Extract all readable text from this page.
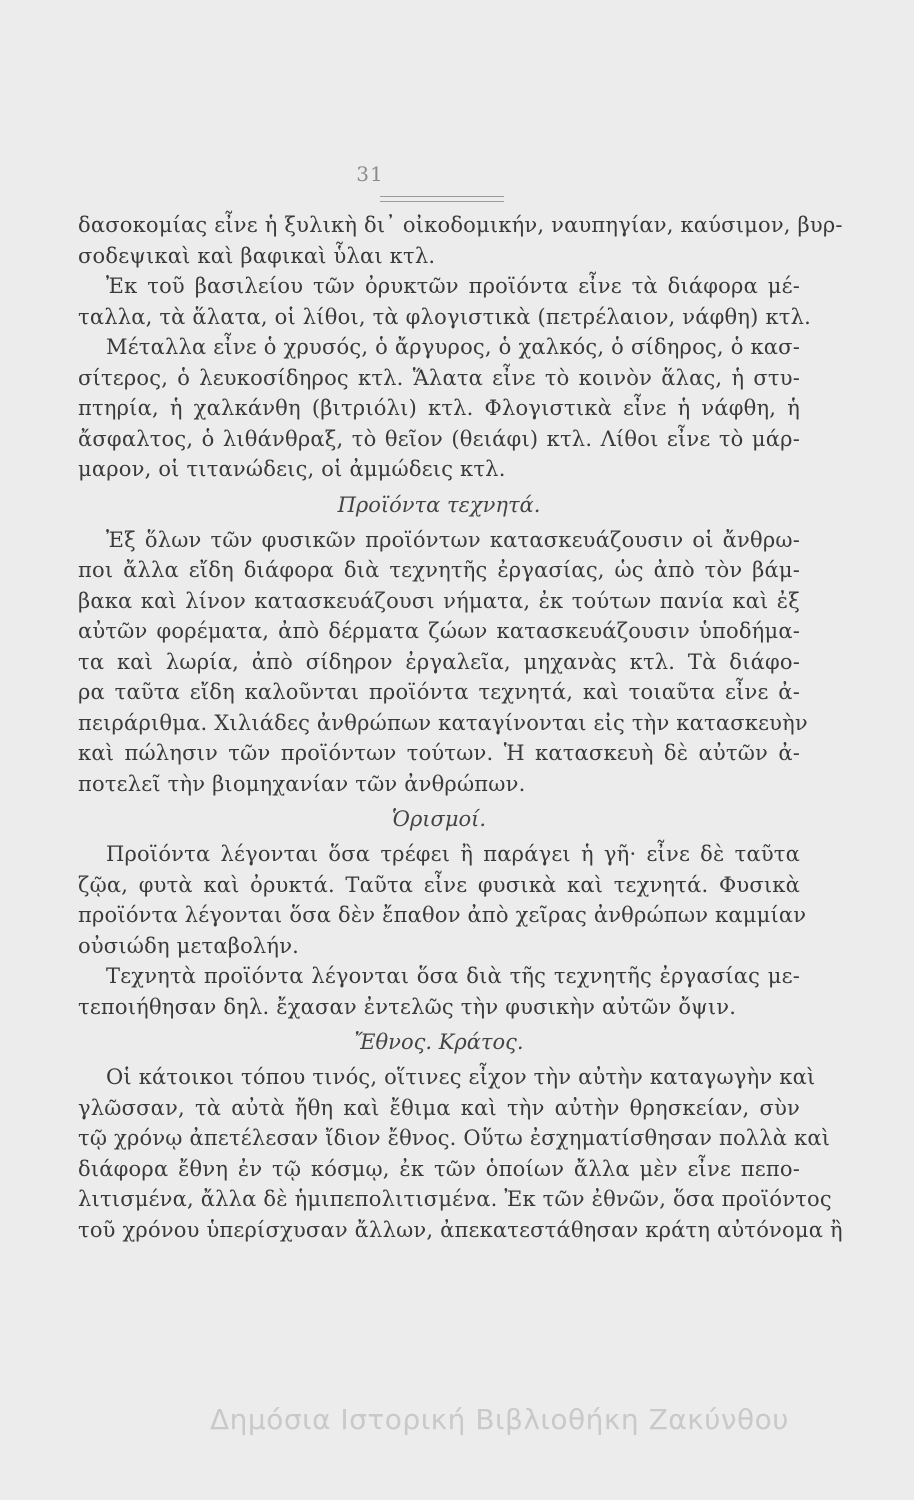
31
δασοκομίας εἶνε ἡ ξυλικὴ δι᾽ οἰκοδομικήν, ναυπηγίαν, καύσιμον, βυρ-
σοδεψικαὶ καὶ βαφικαὶ ὗλαι κτλ.
Ἐκ τοῦ βασιλείου τῶν ὀρυκτῶν προϊόντα εἶνε τὰ διάφορα μέ-
ταλλα, τὰ ἅλατα, οἱ λίθοι, τὰ φλογιστικὰ (πετρέλαιον, νάφθη) κτλ.
Μέταλλα εἶνε ὁ χρυσός, ὁ ἄργυρος, ὁ χαλκός, ὁ σίδηρος, ὁ κασ-
σίτερος, ὁ λευκοσίδηρος κτλ. Ἅλατα εἶνε τὸ κοινὸν ἅλας, ἡ στυ-
πτηρία, ἡ χαλκάνθη (βιτριόλι) κτλ. Φλογιστικὰ εἶνε ἡ νάφθη, ἡ
ἄσφαλτος, ὁ λιθάνθραξ, τὸ θεῖον (θειάφι) κτλ. Λίθοι εἶνε τὸ μάρ-
μαρον, οἱ τιτανώδεις, οἱ ἀμμώδεις κτλ.
Προϊόντα τεχνητά.
Ἐξ ὅλων τῶν φυσικῶν προϊόντων κατασκευάζουσιν οἱ ἄνθρω-
ποι ἄλλα εἴδη διάφορα διὰ τεχνητῆς ἐργασίας, ὡς ἀπὸ τὸν βάμ-
βακα καὶ λίνον κατασκευάζουσι νήματα, ἐκ τούτων πανία καὶ ἐξ
αὐτῶν φορέματα, ἀπὸ δέρματα ζώων κατασκευάζουσιν ὑποδήμα-
τα καὶ λωρία, ἀπὸ σίδηρον ἐργαλεῖα, μηχανὰς κτλ. Τὰ διάφο-
ρα ταῦτα εἴδη καλοῦνται προϊόντα τεχνητά, καὶ τοιαῦτα εἶνε ἀ-
πειράριθμα. Χιλιάδες ἀνθρώπων καταγίνονται εἰς τὴν κατασκευὴν
καὶ πώλησιν τῶν προϊόντων τούτων. Ἡ κατασκευὴ δὲ αὐτῶν ἀ-
ποτελεῖ τὴν βιομηχανίαν τῶν ἀνθρώπων.
Ὁρισμοί.
Προϊόντα λέγονται ὅσα τρέφει ἢ παράγει ἡ γῆ· εἶνε δὲ ταῦτα
ζῷα, φυτὰ καὶ ὀρυκτά. Ταῦτα εἶνε φυσικὰ καὶ τεχνητά. Φυσικὰ
προϊόντα λέγονται ὅσα δὲν ἔπαθον ἀπὸ χεῖρας ἀνθρώπων καμμίαν
οὐσιώδη μεταβολήν.
Τεχνητὰ προϊόντα λέγονται ὅσα διὰ τῆς τεχνητῆς ἐργασίας με-
τεποιήθησαν δηλ. ἔχασαν ἐντελῶς τὴν φυσικὴν αὐτῶν ὄψιν.
Ἔθνος. Κράτος.
Οἱ κάτοικοι τόπου τινός, οἵτινες εἶχον τὴν αὐτὴν καταγωγὴν καὶ
γλῶσσαν, τὰ αὐτὰ ἤθη καὶ ἔθιμα καὶ τὴν αὐτὴν θρησκείαν, σὺν
τῷ χρόνῳ ἀπετέλεσαν ἴδιον ἔθνος. Οὕτω ἐσχηματίσθησαν πολλὰ καὶ
διάφορα ἔθνη ἐν τῷ κόσμῳ, ἐκ τῶν ὁποίων ἄλλα μὲν εἶνε πεπο-
λιτισμένα, ἄλλα δὲ ἡμιπεπολιτισμένα. Ἐκ τῶν ἐθνῶν, ὅσα προϊόντος
τοῦ χρόνου ὑπερίσχυσαν ἄλλων, ἀπεκατεστάθησαν κράτη αὐτόνομα ἢ
Δημόσια Ιστορική Βιβλιοθήκη Ζακύνθου
